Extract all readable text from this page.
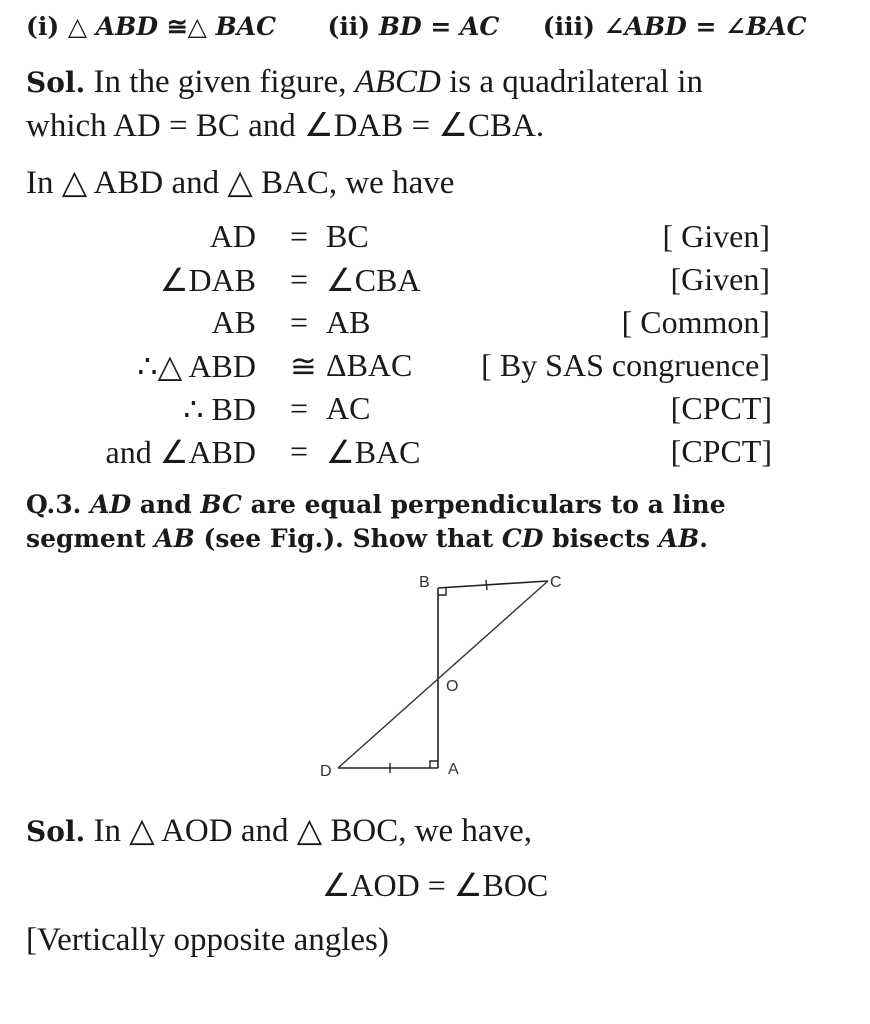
(i) △ ABD ≅△ BAC (ii) BD = AC (iii) ∠ABD = ∠BAC
Sol. In the given figure, ABCD is a quadrilateral in
which AD = BC and ∠DAB = ∠CBA.
In △ ABD and △ BAC, we have
AD = BC	[ Given]
∠DAB = ∠CBA	[Given]
AB = AB	[ Common]
∴△ ABD ≅ ΔBAC [ By SAS congruence]
∴ BD = AC	[CPCT]
and ∠ABD = ∠BAC	[CPCT]
Q.3. AD and BC are equal perpendiculars to a line
segment AB (see Fig.). Show that CD bisects AB.
B	C
O
D	A
Sol. In △ AOD and △ BOC, we have,
∠AOD = ∠BOC
[Vertically opposite angles)
